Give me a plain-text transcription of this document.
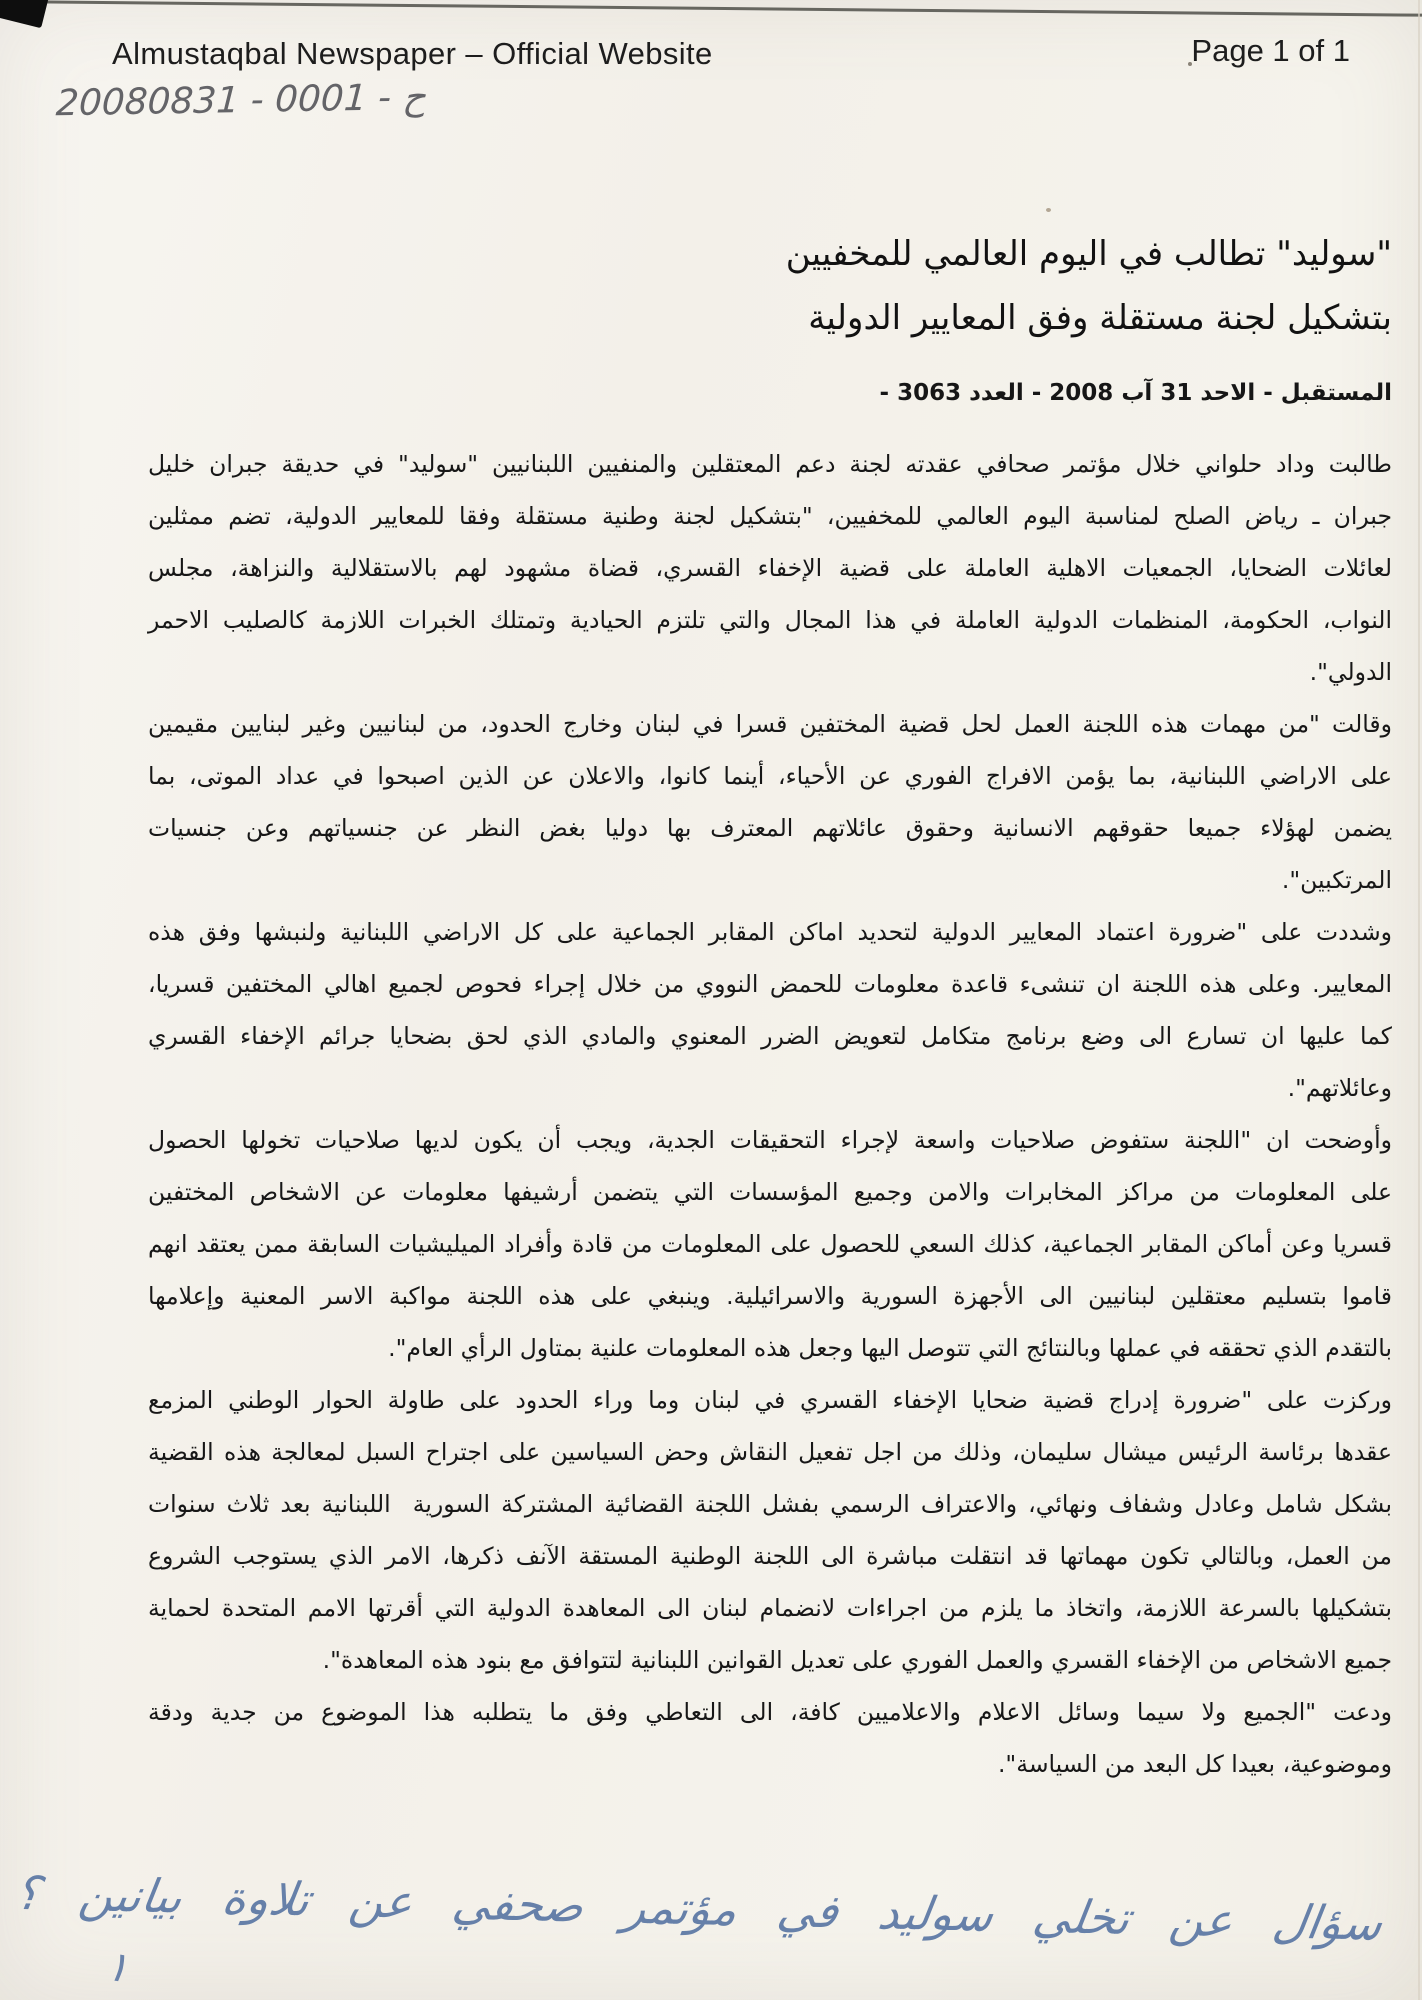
Almustaqbal Newspaper – Official Website	Page 1 of 1
20080831 - 0001 - ح
"سوليد" تطالب في اليوم العالمي للمخفيين
بتشكيل لجنة مستقلة وفق المعايير الدولية
المستقبل - الاحد 31 آب 2008 - العدد 3063 -
طالبت وداد حلواني خلال مؤتمر صحافي عقدته لجنة دعم المعتقلين والمنفيين اللبنانيين "سوليد" في حديقة جبران خليل
جبران ـ رياض الصلح لمناسبة اليوم العالمي للمخفيين، "بتشكيل لجنة وطنية مستقلة وفقا للمعايير الدولية، تضم ممثلين
لعائلات الضحايا، الجمعيات الاهلية العاملة على قضية الإخفاء القسري، قضاة مشهود لهم بالاستقلالية والنزاهة، مجلس
النواب، الحكومة، المنظمات الدولية العاملة في هذا المجال والتي تلتزم الحيادية وتمتلك الخبرات اللازمة كالصليب الاحمر
الدولي".
وقالت "من مهمات هذه اللجنة العمل لحل قضية المختفين قسرا في لبنان وخارج الحدود، من لبنانيين وغير لبنايين مقيمين
على الاراضي اللبنانية، بما يؤمن الافراج الفوري عن الأحياء، أينما كانوا، والاعلان عن الذين اصبحوا في عداد الموتى، بما
يضمن لهؤلاء جميعا حقوقهم الانسانية وحقوق عائلاتهم المعترف بها دوليا بغض النظر عن جنسياتهم وعن جنسيات
المرتكبين".
وشددت على "ضرورة اعتماد المعايير الدولية لتحديد اماكن المقابر الجماعية على كل الاراضي اللبنانية ولنبشها وفق هذه
المعايير. وعلى هذه اللجنة ان تنشىء قاعدة معلومات للحمض النووي من خلال إجراء فحوص لجميع اهالي المختفين قسريا،
كما عليها ان تسارع الى وضع برنامج متكامل لتعويض الضرر المعنوي والمادي الذي لحق بضحايا جرائم الإخفاء القسري
وعائلاتهم".
وأوضحت ان "اللجنة ستفوض صلاحيات واسعة لإجراء التحقيقات الجدية، ويجب أن يكون لديها صلاحيات تخولها الحصول
على المعلومات من مراكز المخابرات والامن وجميع المؤسسات التي يتضمن أرشيفها معلومات عن الاشخاص المختفين
قسريا وعن أماكن المقابر الجماعية، كذلك السعي للحصول على المعلومات من قادة وأفراد الميليشيات السابقة ممن يعتقد انهم
قاموا بتسليم معتقلين لبنانيين الى الأجهزة السورية والاسرائيلية. وينبغي على هذه اللجنة مواكبة الاسر المعنية وإعلامها
بالتقدم الذي تحققه في عملها وبالنتائج التي تتوصل اليها وجعل هذه المعلومات علنية بمتاول الرأي العام".
وركزت على "ضرورة إدراج قضية ضحايا الإخفاء القسري في لبنان وما وراء الحدود على طاولة الحوار الوطني المزمع
عقدها برئاسة الرئيس ميشال سليمان، وذلك من اجل تفعيل النقاش وحض السياسين على اجتراح السبل لمعالجة هذه القضية
بشكل شامل وعادل وشفاف ونهائي، والاعتراف الرسمي بفشل اللجنة القضائية المشتركة السورية  اللبنانية بعد ثلاث سنوات
من العمل، وبالتالي تكون مهماتها قد انتقلت مباشرة الى اللجنة الوطنية المستقة الآنف ذكرها، الامر الذي يستوجب الشروع
بتشكيلها بالسرعة اللازمة، واتخاذ ما يلزم من اجراءات لانضمام لبنان الى المعاهدة الدولية التي أقرتها الامم المتحدة لحماية
جميع الاشخاص من الإخفاء القسري والعمل الفوري على تعديل القوانين اللبنانية لتتوافق مع بنود هذه المعاهدة".
ودعت "الجميع ولا سيما وسائل الاعلام والاعلاميين كافة، الى التعاطي وفق ما يتطلبه هذا الموضوع من جدية ودقة
وموضوعية، بعيدا كل البعد من السياسة".
سؤال عن تخلي سوليد في مؤتمر صحفي عن تلاوة بيانين ؟
١
